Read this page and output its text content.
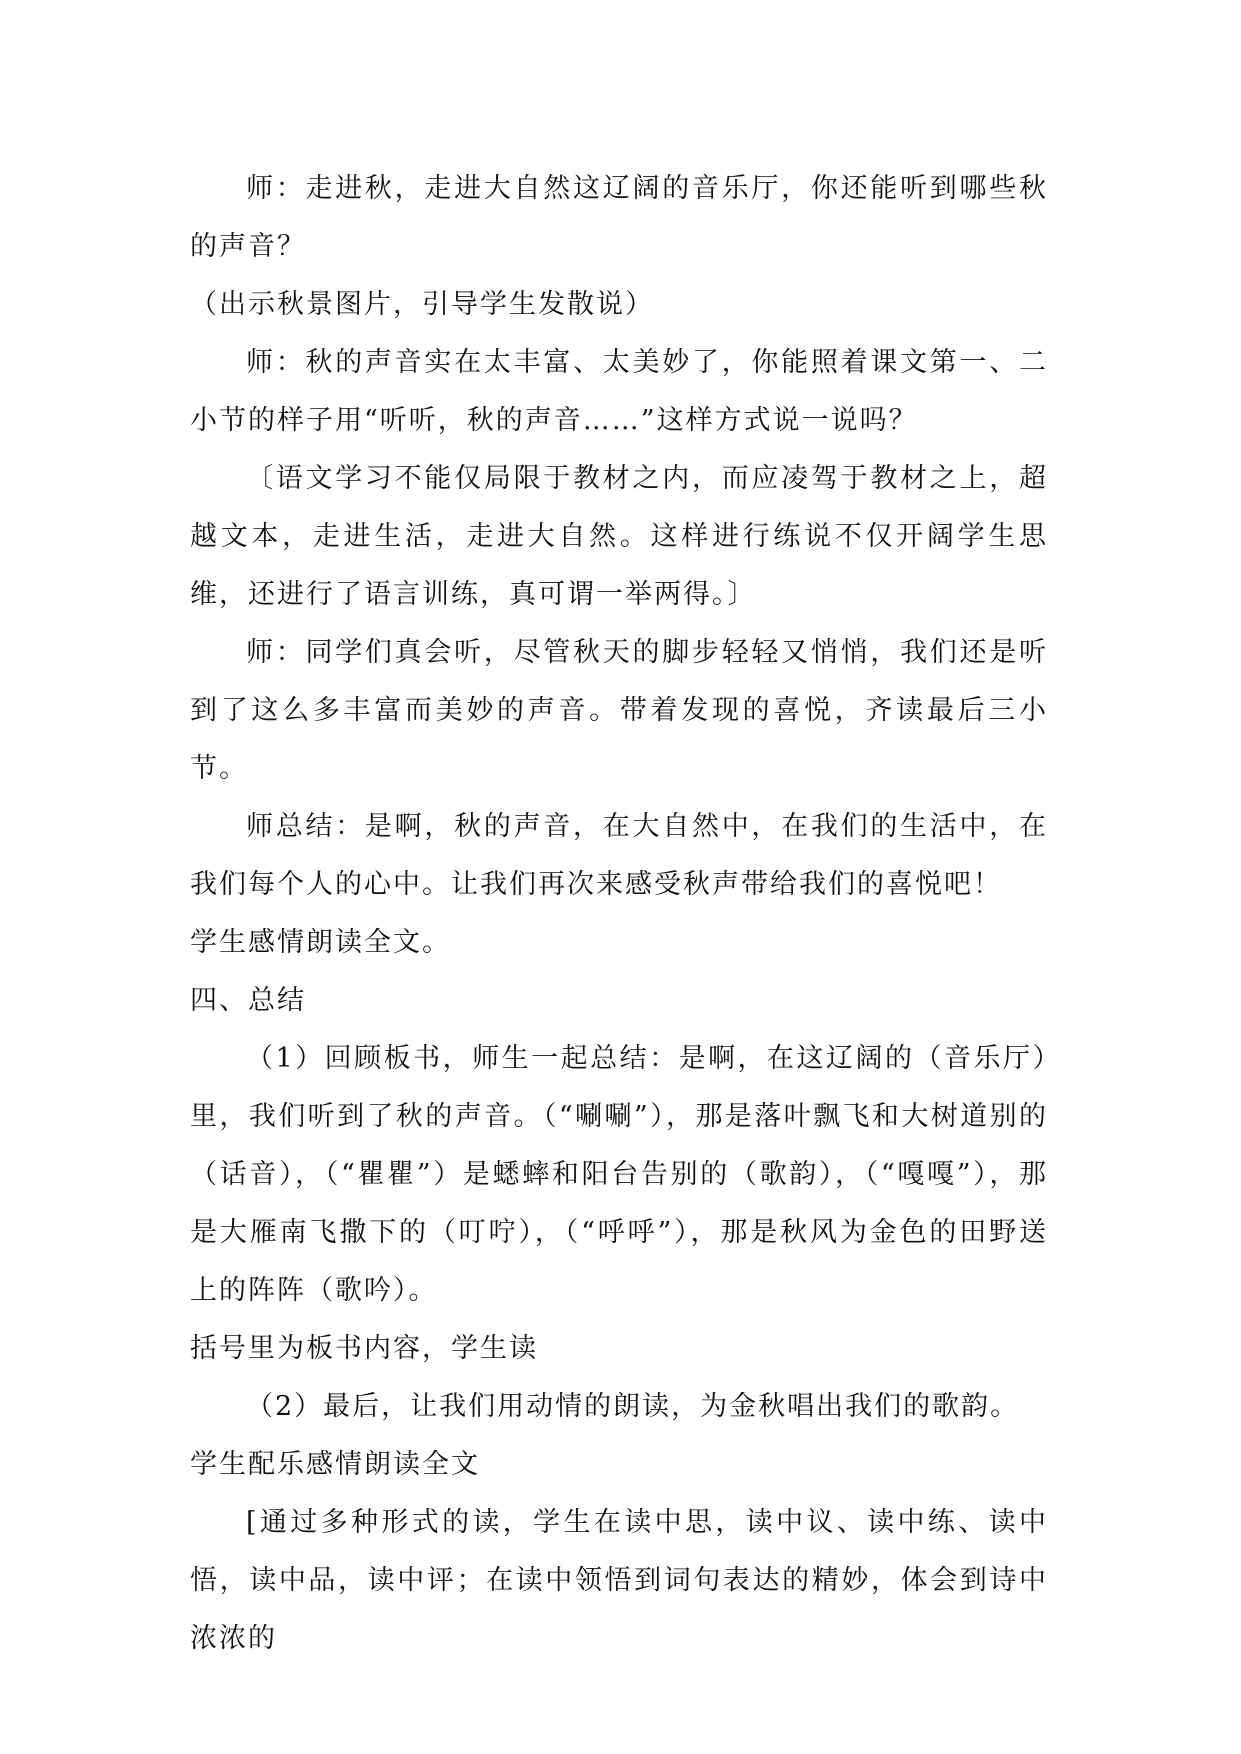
师：走进秋，走进大自然这辽阔的音乐厅，你还能听到哪些秋的声音？

（出示秋景图片，引导学生发散说）

师：秋的声音实在太丰富、太美妙了，你能照着课文第一、二小节的样子用“听听，秋的声音……”这样方式说一说吗？

〔语文学习不能仅局限于教材之内，而应凌驾于教材之上，超越文本，走进生活，走进大自然。这样进行练说不仅开阔学生思维，还进行了语言训练，真可谓一举两得。〕

师：同学们真会听，尽管秋天的脚步轻轻又悄悄，我们还是听到了这么多丰富而美妙的声音。带着发现的喜悦，齐读最后三小节。

师总结：是啊，秋的声音，在大自然中，在我们的生活中，在我们每个人的心中。让我们再次来感受秋声带给我们的喜悦吧！

学生感情朗读全文。

四、总结

（1）回顾板书，师生一起总结：是啊，在这辽阔的（音乐厅）里，我们听到了秋的声音。（“唰唰”），那是落叶飘飞和大树道别的（话音），（“瞿瞿”）是蟋蟀和阳台告别的（歌韵），（“嘎嘎”），那是大雁南飞撒下的（叮咛），（“呼呼”），那是秋风为金色的田野送上的阵阵（歌吟）。

括号里为板书内容，学生读

（2）最后，让我们用动情的朗读，为金秋唱出我们的歌韵。

学生配乐感情朗读全文

[通过多种形式的读，学生在读中思，读中议、读中练、读中悟，读中品，读中评；在读中领悟到词句表达的精妙，体会到诗中浓浓的
